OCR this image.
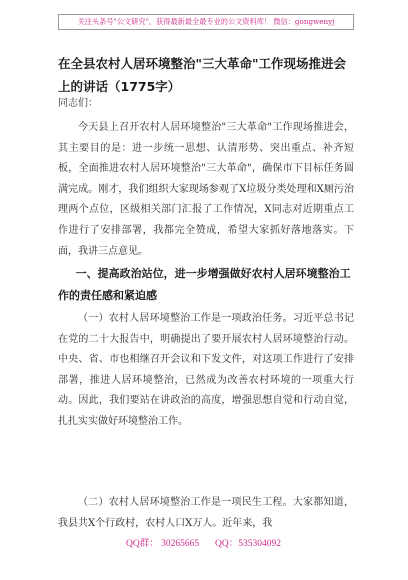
关注头条号"公文研究"，获得最新最全最专业的公文资料库！ 微信：gongwenyj
在全县农村人居环境整治"三大革命"工作现场推进会上的讲话（1775字）
同志们：

今天县上召开农村人居环境整治"三大革命"工作现场推进会，其主要目的是：进一步统一思想、认清形势、突出重点、补齐短板，全面推进农村人居环境整治"三大革命"，确保市下目标任务圆满完成。刚才，我们组织大家现场参观了X垃圾分类处理和X厕污治理两个点位，区级相关部门汇报了工作情况，X同志对近期重点工作进行了安排部署，我都完全赞成，希望大家抓好落地落实。下面，我讲三点意见。

一、提高政治站位，进一步增强做好农村人居环境整治工作的责任感和紧迫感

（一）农村人居环境整治工作是一项政治任务。习近平总书记在党的二十大报告中，明确提出了要开展农村人居环境整治行动。中央、省、市也相继召开会议和下发文件，对这项工作进行了安排部署，推进人居环境整治，已然成为改善农村环境的一项重大行动。因此，我们要站在讲政治的高度，增强思想自觉和行动自觉，扎扎实实做好环境整治工作。

（二）农村人居环境整治工作是一项民生工程。大家都知道，我县共X个行政村，农村人口X万人。近年来，我

QQ群： 30265665 QQ：535304092
